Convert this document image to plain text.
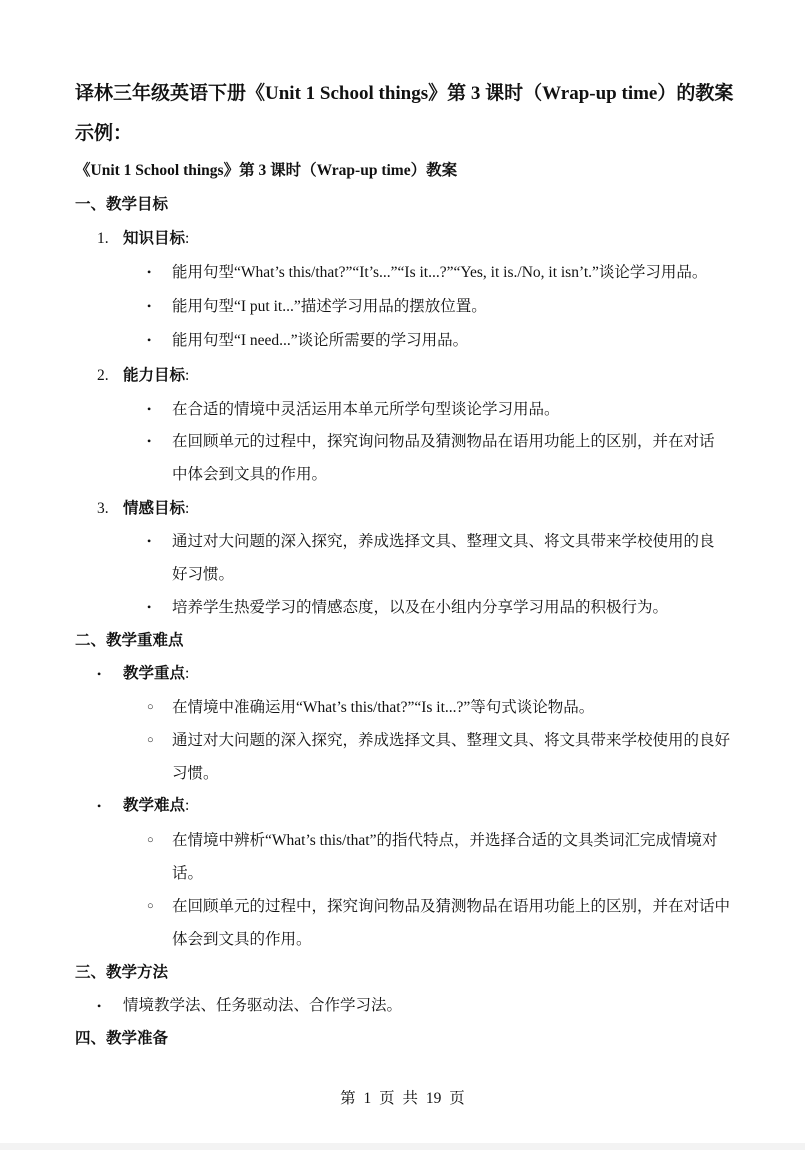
译林三年级英语下册《Unit 1 School things》第 3 课时（Wrap-up time）的教案示例：

《Unit 1 School things》第 3 课时（Wrap-up time）教案

一、教学目标

1. 知识目标:

•	能用句型“What’s this/that?”“It’s...”“Is it...?”“Yes, it is./No, it isn’t.”谈论学习用品。

•	能用句型“I put it...”描述学习用品的摆放位置。

•	能用句型“I need...”谈论所需要的学习用品。

2. 能力目标:

•	在合适的情境中灵活运用本单元所学句型谈论学习用品。

•	在回顾单元的过程中，探究询问物品及猜测物品在语用功能上的区别，并在对话中体会到文具的作用。

3. 情感目标:

•	通过对大问题的深入探究，养成选择文具、整理文具、将文具带来学校使用的良好习惯。

•	培养学生热爱学习的情感态度，以及在小组内分享学习用品的积极行为。

二、教学重难点

• 教学重点:

○	在情境中准确运用“What’s this/that?”“Is it...?”等句式谈论物品。

○	通过对大问题的深入探究，养成选择文具、整理文具、将文具带来学校使用的良好习惯。

• 教学难点:

○	在情境中辨析“What’s this/that”的指代特点，并选择合适的文具类词汇完成情境对话。

○	在回顾单元的过程中，探究询问物品及猜测物品在语用功能上的区别，并在对话中体会到文具的作用。

三、教学方法

• 情境教学法、任务驱动法、合作学习法。

四、教学准备

第 1 页 共 19 页
